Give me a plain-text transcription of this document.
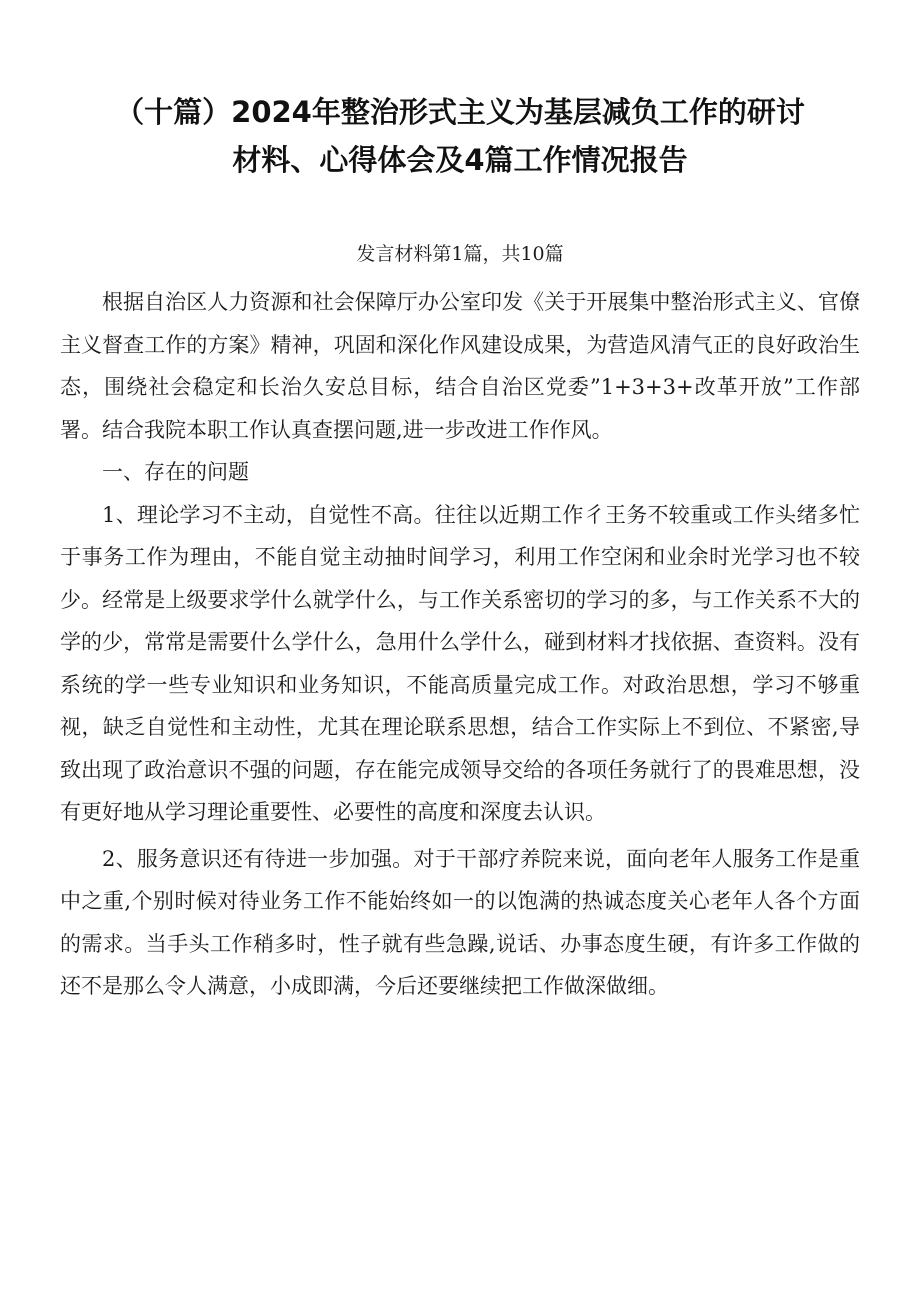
（十篇）2024年整治形式主义为基层减负工作的研讨
材料、心得体会及4篇工作情况报告

发言材料第1篇，共10篇

根据自治区人力资源和社会保障厅办公室印发《关于开展集中整治形式主义、官僚主义督查工作的方案》精神，巩固和深化作风建设成果，为营造风清气正的良好政治生态，围绕社会稳定和长治久安总目标，结合自治区党委”1+3+3+改革开放”工作部署。结合我院本职工作认真查摆问题,进一步改进工作作风。

一、存在的问题

1、理论学习不主动，自觉性不高。往往以近期工作彳王务不较重或工作头绪多忙于事务工作为理由，不能自觉主动抽时间学习，利用工作空闲和业余时光学习也不较少。经常是上级要求学什么就学什么，与工作关系密切的学习的多，与工作关系不大的学的少，常常是需要什么学什么，急用什么学什么，碰到材料才找依据、查资料。没有系统的学一些专业知识和业务知识，不能高质量完成工作。对政治思想，学习不够重视，缺乏自觉性和主动性，尤其在理论联系思想，结合工作实际上不到位、不紧密,导致出现了政治意识不强的问题，存在能完成领导交给的各项任务就行了的畏难思想，没有更好地从学习理论重要性、必要性的高度和深度去认识。

2、服务意识还有待进一步加强。对于干部疗养院来说，面向老年人服务工作是重中之重,个别时候对待业务工作不能始终如一的以饱满的热诚态度关心老年人各个方面的需求。当手头工作稍多时，性子就有些急躁,说话、办事态度生硬，有许多工作做的还不是那么令人满意，小成即满，今后还要继续把工作做深做细。
